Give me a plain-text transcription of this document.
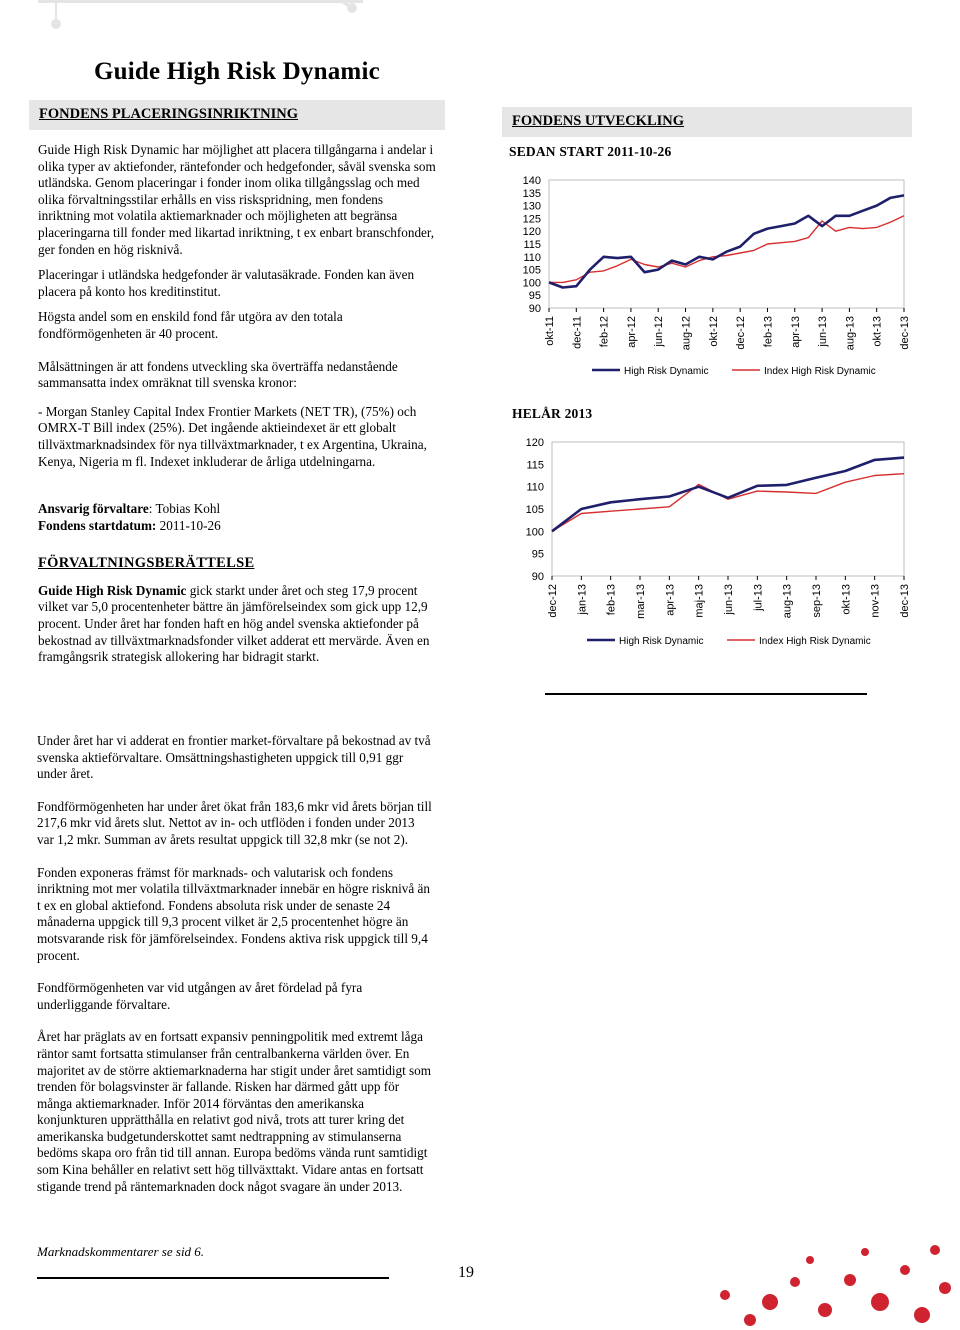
Guide High Risk Dynamic
FONDENS PLACERINGSINRIKTNING

Guide High Risk Dynamic har möjlighet att placera tillgångarna i andelar i olika typer av aktiefonder, räntefonder och hedgefonder, såväl svenska som utländska. Genom placeringar i fonder inom olika tillgångsslag och med olika förvaltningsstilar erhålls en viss riskspridning, men fondens inriktning mot volatila aktiemarknader och möjligheten att begränsa placeringarna till fonder med likartad inriktning, t ex enbart branschfonder, ger fonden en hög risknivå.

Placeringar i utländska hedgefonder är valutasäkrade. Fonden kan även placera på konto hos kreditinstitut.

Högsta andel som en enskild fond får utgöra av den totala fondförmögenheten är 40 procent.

Målsättningen är att fondens utveckling ska överträffa nedanstående sammansatta index omräknat till svenska kronor:

- Morgan Stanley Capital Index Frontier Markets (NET TR), (75%) och OMRX-T Bill index (25%). Det ingående aktieindexet är ett globalt tillväxtmarknadsindex för nya tillväxtmarknader, t ex Argentina, Ukraina, Kenya, Nigeria m fl. Indexet inkluderar de årliga utdelningarna.

Ansvarig förvaltare: Tobias Kohl
Fondens startdatum: 2011-10-26
FÖRVALTNINGSBERÄTTELSE

Guide High Risk Dynamic gick starkt under året och steg 17,9 procent vilket var 5,0 procentenheter bättre än jämförelseindex som gick upp 12,9 procent. Under året har fonden haft en hög andel svenska aktiefonder på bekostnad av tillväxtmarknadsfonder vilket adderat ett mervärde. Även en framgångsrik strategisk allokering har bidragit starkt.

Under året har vi adderat en frontier market-förvaltare på bekostnad av två svenska aktieförvaltare. Omsättningshastigheten uppgick till 0,91 ggr under året.

Fondförmögenheten har under året ökat från 183,6 mkr vid årets början till 217,6 mkr vid årets slut. Nettot av in- och utflöden i fonden under 2013 var 1,2 mkr. Summan av årets resultat uppgick till 32,8 mkr (se not 2).

Fonden exponeras främst för marknads- och valutarisk och fondens inriktning mot mer volatila tillväxtmarknader innebär en högre risknivå än t ex en global aktiefond. Fondens absoluta risk under de senaste 24 månaderna uppgick till 9,3 procent vilket är 2,5 procentenhet högre än motsvarande risk för jämförelseindex. Fondens aktiva risk uppgick till 9,4 procent.

Fondförmögenheten var vid utgången av året fördelad på fyra underliggande förvaltare.

Året har präglats av en fortsatt expansiv penningpolitik med extremt låga räntor samt fortsatta stimulanser från centralbankerna världen över. En majoritet av de större aktiemarknaderna har stigit under året samtidigt som trenden för bolagsvinster är fallande. Risken har därmed gått upp för många aktiemarknader. Inför 2014 förväntas den amerikanska konjunkturen upprätthålla en relativt god nivå, trots att turer kring det amerikanska budgetunderskottet samt nedtrappning av stimulanserna bedöms skapa oro från tid till annan. Europa bedöms vända runt samtidigt som Kina behåller en relativt sett hög tillväxttakt. Vidare antas en fortsatt stigande trend på räntemarknaden dock något svagare än under 2013.

FONDENS UTVECKLING
SEDAN START 2011-10-26
90
95
100
105
110
115
120
125
130
135
140
okt-11 dec-11 feb-12 apr-12 jun-12 aug-12 okt-12 dec-12 feb-13 apr-13 jun-13 aug-13 okt-13 dec-13
High Risk Dynamic	Index High Risk Dynamic
HELÅR 2013
90
95
100
105
110
115
120
dec-12 jan-13 feb-13 mar-13 apr-13 maj-13 jun-13 jul-13 aug-13 sep-13 okt-13 nov-13 dec-13
High Risk Dynamic	Index High Risk Dynamic
Marknadskommentarer se sid 6.
19
